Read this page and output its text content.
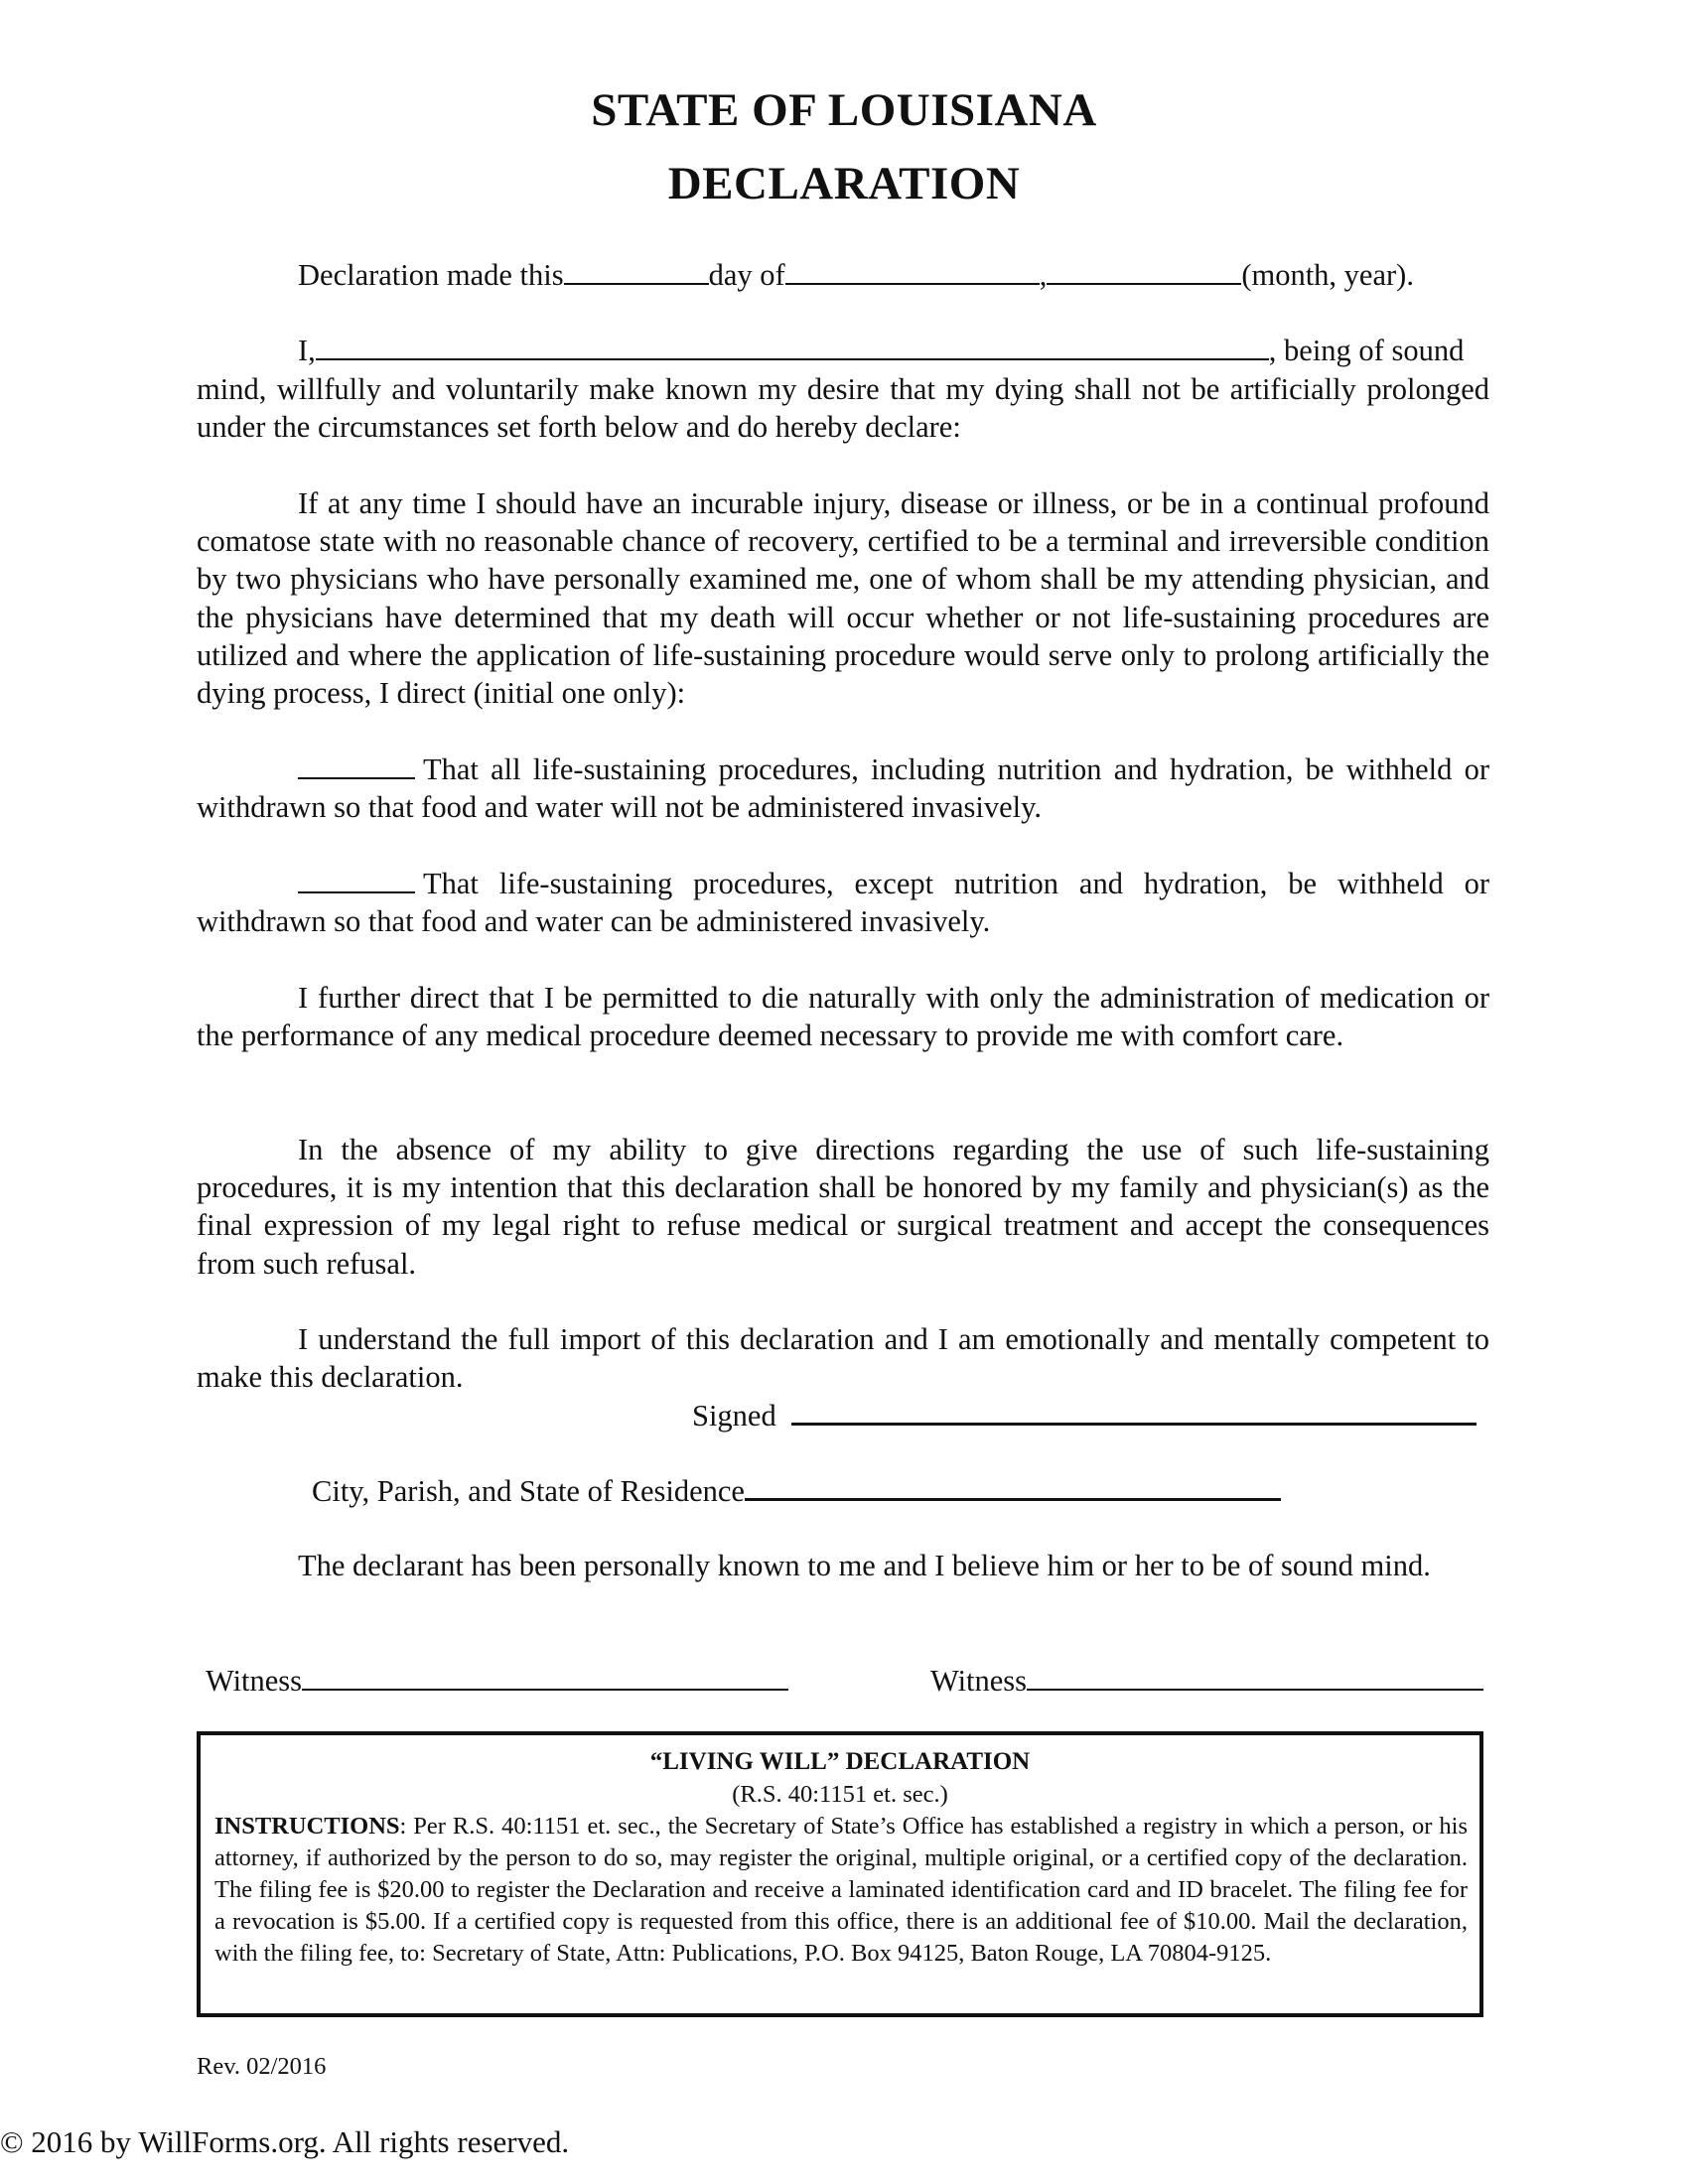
STATE OF LOUISIANA
DECLARATION
Declaration made this	day of	,	(month, year).
I,	, being of sound

mind, willfully and voluntarily make known my desire that my dying shall not be artificially prolonged under the circumstances set forth below and do hereby declare:

If at any time I should have an incurable injury, disease or illness, or be in a continual profound comatose state with no reasonable chance of recovery, certified to be a terminal and irreversible condition by two physicians who have personally examined me, one of whom shall be my attending physician, and the physicians have determined that my death will occur whether or not life-sustaining procedures are utilized and where the application of life-sustaining procedure would serve only to prolong artificially the dying process, I direct (initial one only):

That all life-sustaining procedures, including nutrition and hydration, be withheld or withdrawn so that food and water will not be administered invasively.

That life-sustaining procedures, except nutrition and hydration, be withheld or withdrawn so that food and water can be administered invasively.

I further direct that I be permitted to die naturally with only the administration of medication or the performance of any medical procedure deemed necessary to provide me with comfort care.

In the absence of my ability to give directions regarding the use of such life-sustaining procedures, it is my intention that this declaration shall be honored by my family and physician(s) as the final expression of my legal right to refuse medical or surgical treatment and accept the consequences from such refusal.

I understand the full import of this declaration and I am emotionally and mentally competent to make this declaration.

Signed
City, Parish, and State of Residence

The declarant has been personally known to me and I believe him or her to be of sound mind.

Witness	Witness
“LIVING WILL” DECLARATION
(R.S. 40:1151 et. sec.)
INSTRUCTIONS: Per R.S. 40:1151 et. sec., the Secretary of State’s Office has established a registry in which a person, or his attorney, if authorized by the person to do so, may register the original, multiple original, or a certified copy of the declaration. The filing fee is $20.00 to register the Declaration and receive a laminated identification card and ID bracelet. The filing fee for a revocation is $5.00. If a certified copy is requested from this office, there is an additional fee of $10.00. Mail the declaration, with the filing fee, to: Secretary of State, Attn: Publications, P.O. Box 94125, Baton Rouge, LA 70804-9125.
Rev. 02/2016
© 2016 by WillForms.org. All rights reserved.
